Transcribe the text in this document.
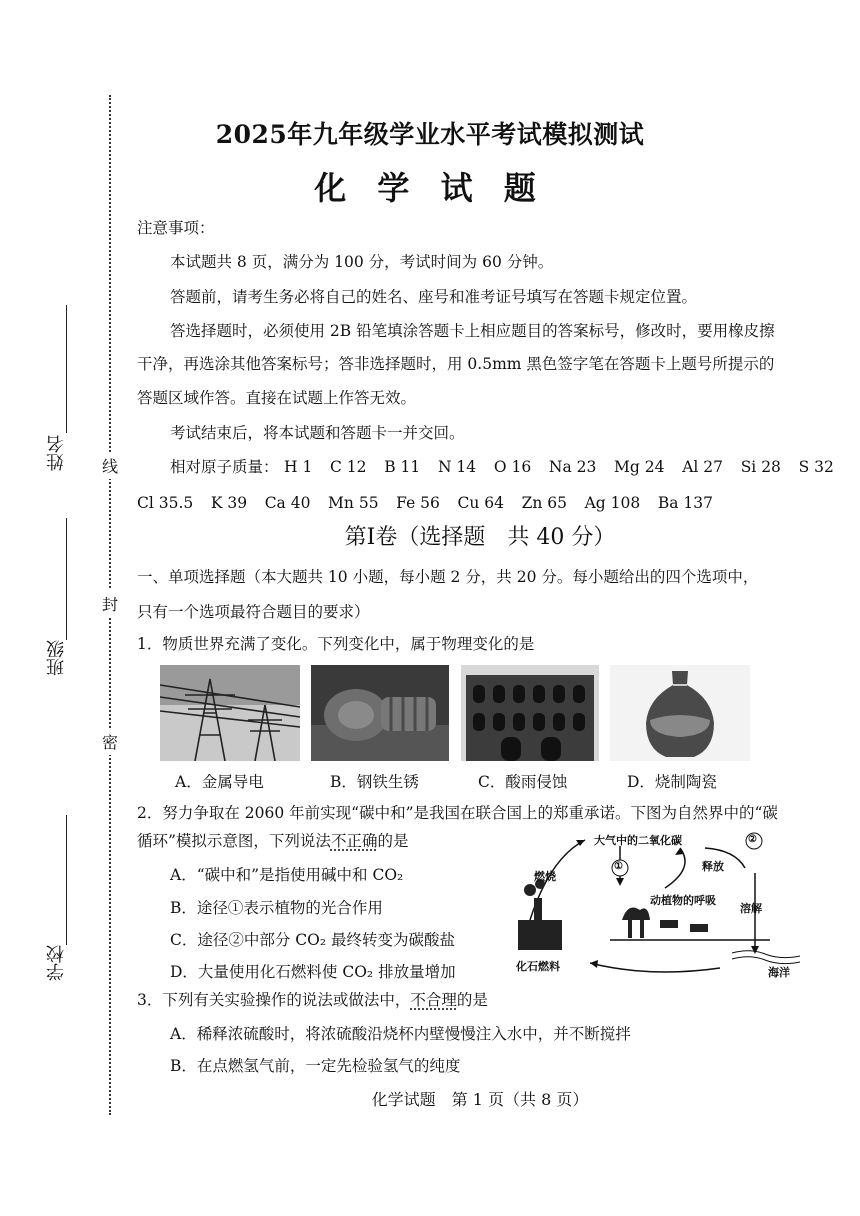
密
封
线
学校
班级
姓名
2025年九年级学业水平考试模拟测试
化 学 试 题
注意事项：
本试题共 8 页，满分为 100 分，考试时间为 60 分钟。
答题前，请考生务必将自己的姓名、座号和准考证号填写在答题卡规定位置。
答选择题时，必须使用 2B 铅笔填涂答题卡上相应题目的答案标号，修改时，要用橡皮擦
干净，再选涂其他答案标号；答非选择题时，用 0.5mm 黑色签字笔在答题卡上题号所提示的
答题区域作答。直接在试题上作答无效。
考试结束后，将本试题和答题卡一并交回。
相对原子质量： H 1 C 12 B 11 N 14 O 16 Na 23 Mg 24 Al 27 Si 28 S 32
Cl 35.5 K 39 Ca 40 Mn 55 Fe 56 Cu 64 Zn 65 Ag 108 Ba 137
第Ⅰ卷（选择题　共 40 分）
一、单项选择题（本大题共 10 小题，每小题 2 分，共 20 分。每小题给出的四个选项中，
只有一个选项最符合题目的要求）
1．物质世界充满了变化。下列变化中，属于物理变化的是
A．金属导电	B．钢铁生锈	C．酸雨侵蚀	D．烧制陶瓷
2．努力争取在 2060 年前实现“碳中和”是我国在联合国上的郑重承诺。下图为自然界中的“碳
循环”模拟示意图，下列说法不正确的是
A．“碳中和”是指使用碱中和 CO₂
B．途径①表示植物的光合作用
C．途径②中部分 CO₂ 最终转变为碳酸盐
D．大量使用化石燃料使 CO₂ 排放量增加
大气中的二氧化碳
燃烧
释放
①
②
动植物的呼吸
溶解
化石燃料	海洋
3．下列有关实验操作的说法或做法中，不合理的是
A．稀释浓硫酸时，将浓硫酸沿烧杯内壁慢慢注入水中，并不断搅拌
B．在点燃氢气前，一定先检验氢气的纯度
化学试题　第 1 页（共 8 页）
